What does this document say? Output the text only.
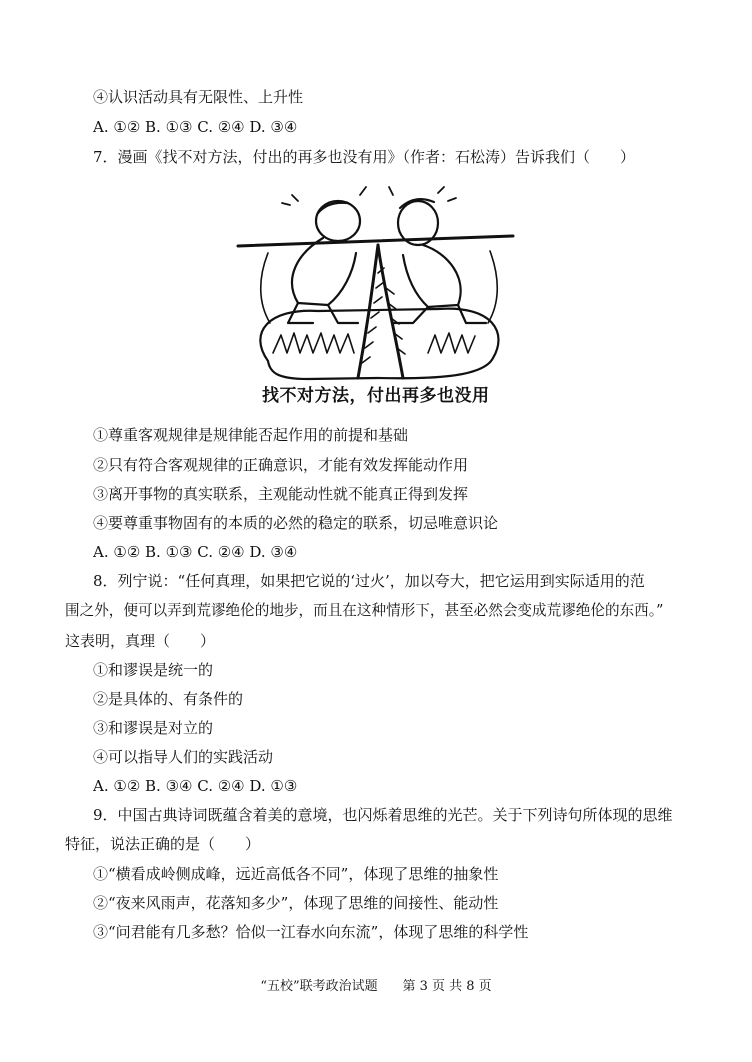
④认识活动具有无限性、上升性
A. ①② B. ①③ C. ②④ D. ③④
7．漫画《找不对方法，付出的再多也没有用》（作者：石松涛）告诉我们（　　）
找不对方法，付出再多也没用
①尊重客观规律是规律能否起作用的前提和基础
②只有符合客观规律的正确意识，才能有效发挥能动作用
③离开事物的真实联系，主观能动性就不能真正得到发挥
④要尊重事物固有的本质的必然的稳定的联系，切忌唯意识论
A. ①② B. ①③ C. ②④ D. ③④
8．列宁说：“任何真理，如果把它说的‘过火’，加以夸大，把它运用到实际适用的范
围之外，便可以弄到荒谬绝伦的地步，而且在这种情形下，甚至必然会变成荒谬绝伦的东西。”
这表明，真理（　　）
①和谬误是统一的
②是具体的、有条件的
③和谬误是对立的
④可以指导人们的实践活动
A. ①② B. ③④ C. ②④ D. ①③
9．中国古典诗词既蕴含着美的意境，也闪烁着思维的光芒。关于下列诗句所体现的思维
特征，说法正确的是（　　）
①“横看成岭侧成峰，远近高低各不同”，体现了思维的抽象性
②“夜来风雨声，花落知多少”，体现了思维的间接性、能动性
③“问君能有几多愁？恰似一江春水向东流”，体现了思维的科学性
“五校”联考政治试题 第 3 页 共 8 页
